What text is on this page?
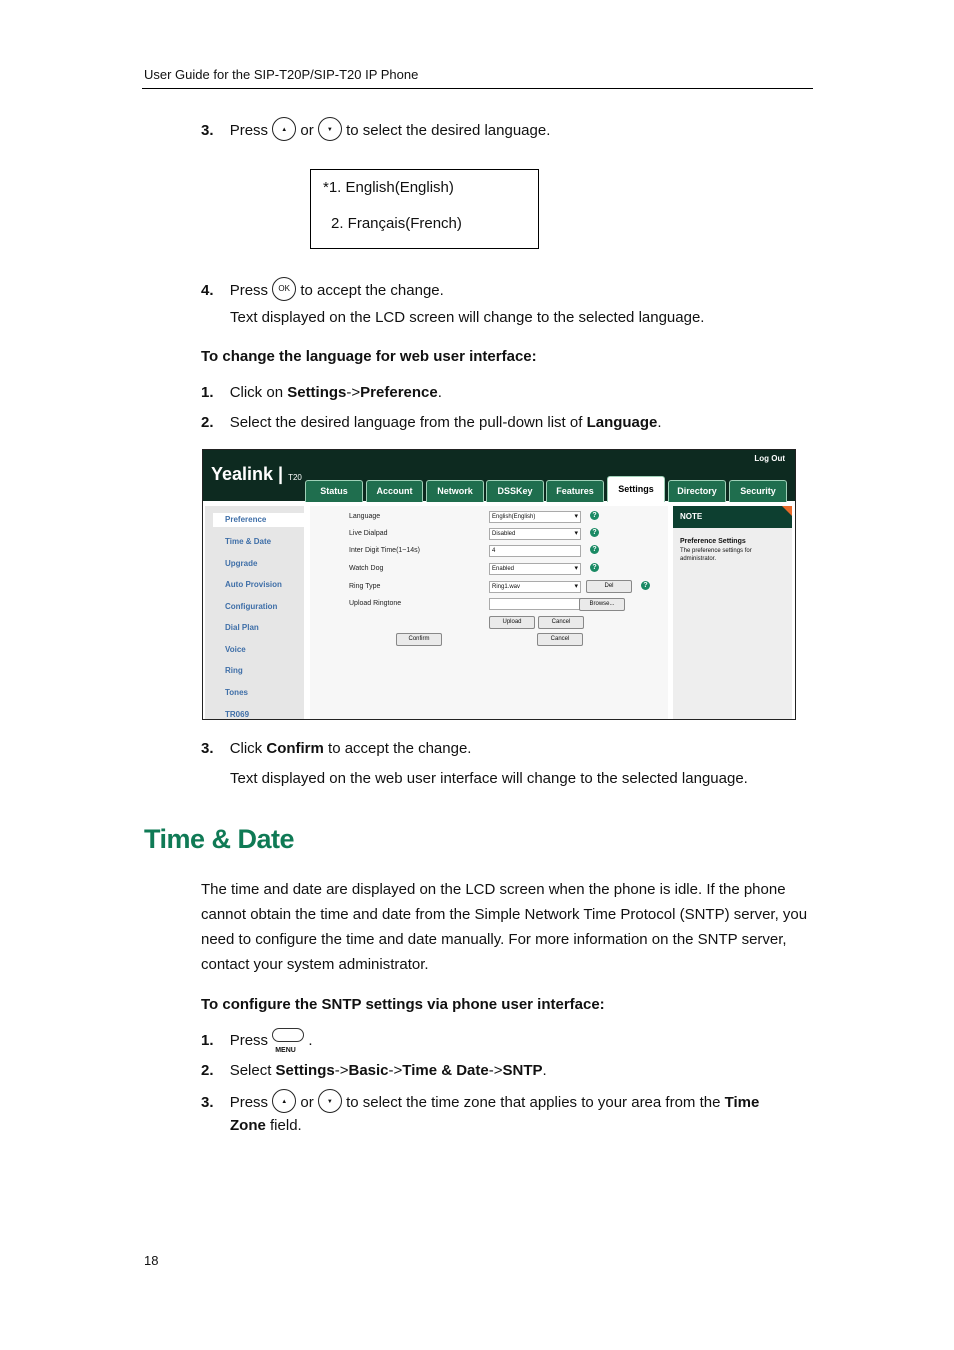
User Guide for the SIP-T20P/SIP-T20 IP Phone
3. Press ▲ or ▼ to select the desired language.
*1. English(English)
2. Français(French)
4. Press OK to accept the change.
Text displayed on the LCD screen will change to the selected language.
To change the language for web user interface:
1. Click on Settings->Preference.
2. Select the desired language from the pull-down list of Language.
Yealink | T20
Log Out
Status	Account	Network	DSSKey	Features	Settings	Directory	Security
Preference
Time & Date
Upgrade
Auto Provision
Configuration
Dial Plan
Voice
Ring
Tones
TR069
Language	English(English) ▾	?
Live Dialpad	Disabled ▾	?
Inter Digit Time(1~14s)	4	?
Watch Dog	Enabled ▾	?
Ring Type	Ring1.wav ▾	Del	?
Upload Ringtone	Browse...
Upload	Cancel
Confirm	Cancel
NOTE
Preference Settings
The preference settings for administrator.
3. Click Confirm to accept the change.
Text displayed on the web user interface will change to the selected language.
Time & Date
The time and date are displayed on the LCD screen when the phone is idle. If the phone cannot obtain the time and date from the Simple Network Time Protocol (SNTP) server, you need to configure the time and date manually. For more information on the SNTP server, contact your system administrator.
To configure the SNTP settings via phone user interface:
1. Press
MENU
.
2. Select Settings->Basic->Time & Date->SNTP.
3. Press ▲ or ▼ to select the time zone that applies to your area from the Time
Zone field.
18
